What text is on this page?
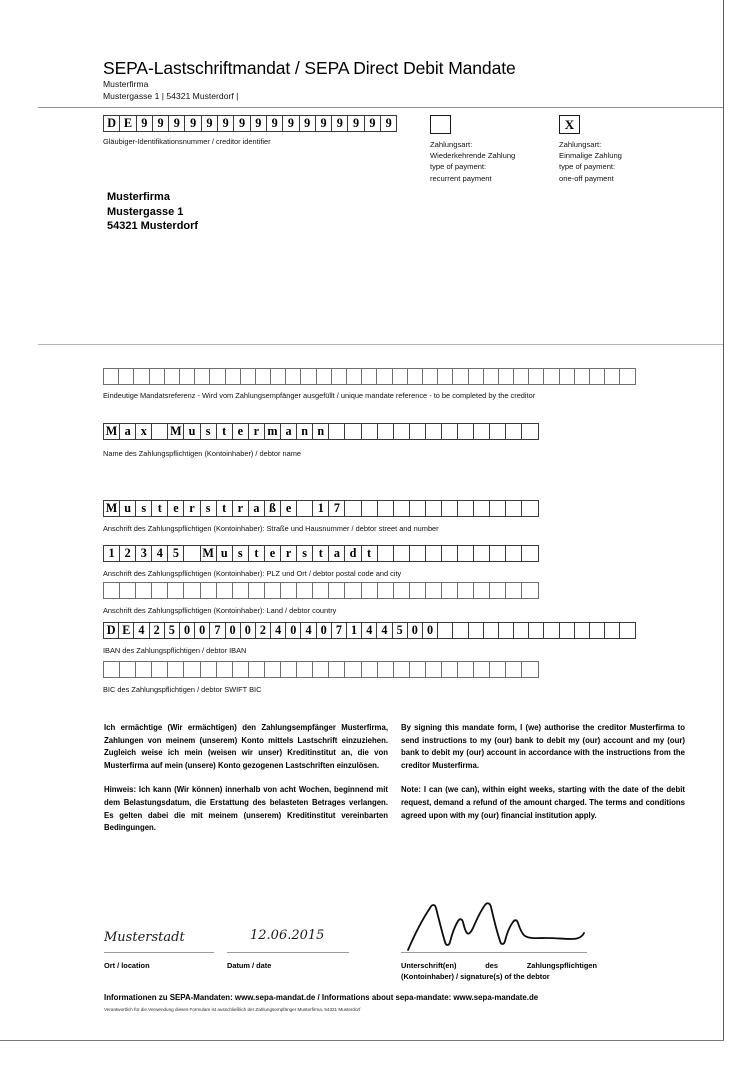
SEPA-Lastschriftmandat / SEPA Direct Debit Mandate
Musterfirma
Mustergasse 1 | 54321 Musterdorf |
D E 9 9 9 9 9 9 9 9 9 9 9 9 9 9 9 9
Gläubiger-Identifikationsnummer / creditor identifier	Zahlungsart:
Wiederkehrende Zahlung
type of payment:
recurrent payment
X
Zahlungsart:
Einmalige Zahlung
type of payment:
one-off payment
Musterfirma
Mustergasse 1
54321 Musterdorf
Eindeutige Mandatsreferenz - Wird vom Zahlungsempfänger ausgefüllt / unique mandate reference - to be completed by the creditor
M a x	M u s t e r m a n n
Name des Zahlungspflichtigen (Kontoinhaber) / debtor name
M u s t e r s t r a ß e	1 7
Anschrift des Zahlungspflichtigen (Kontoinhaber): Straße und Hausnummer / debtor street and number
1 2 3 4 5	M u s t e r s t a d t
Anschrift des Zahlungspflichtigen (Kontoinhaber): PLZ und Ort / debtor postal code and city
Anschrift des Zahlungspflichtigen (Kontoinhaber): Land / debtor country
D E 4 2 5 0 0 7 0 0 2 4 0 4 0 7 1 4 4 5 0 0
IBAN des Zahlungspflichtigen / debtor IBAN
BIC des Zahlungspflichtigen / debtor SWIFT BIC

Ich ermächtige (Wir ermächtigen) den Zahlungsempfänger Musterfirma, Zahlungen von meinem (unserem) Konto mittels Lastschrift einzuziehen. Zugleich weise ich mein (weisen wir unser) Kreditinstitut an, die von Musterfirma auf mein (unsere) Konto gezogenen Lastschriften einzulösen.

Hinweis: Ich kann (Wir können) innerhalb von acht Wochen, beginnend mit dem Belastungsdatum, die Erstattung des belasteten Betrages verlangen. Es gelten dabei die mit meinem (unserem) Kreditinstitut vereinbarten Bedingungen.

By signing this mandate form, I (we) authorise the creditor Musterfirma to send instructions to my (our) bank to debit my (our) account and my (our) bank to debit my (our) account in accordance with the instructions from the creditor Musterfirma.

Note: I can (we can), within eight weeks, starting with the date of the debit request, demand a refund of the amount charged. The terms and conditions agreed upon with my (our) financial institution apply.

Musterstadt
Ort / location
12.06.2015
Datum / date	Unterschrift(en) des Zahlungspflichtigen (Kontoinhaber) / signature(s) of the debtor
Informationen zu SEPA-Mandaten: www.sepa-mandat.de / Informations about sepa-mandate: www.sepa-mandate.de
Verantwortlich für die Verwendung dieses Formulars ist ausschließlich der Zahlungsempfänger Musterfirma, 54321 Musterdorf
